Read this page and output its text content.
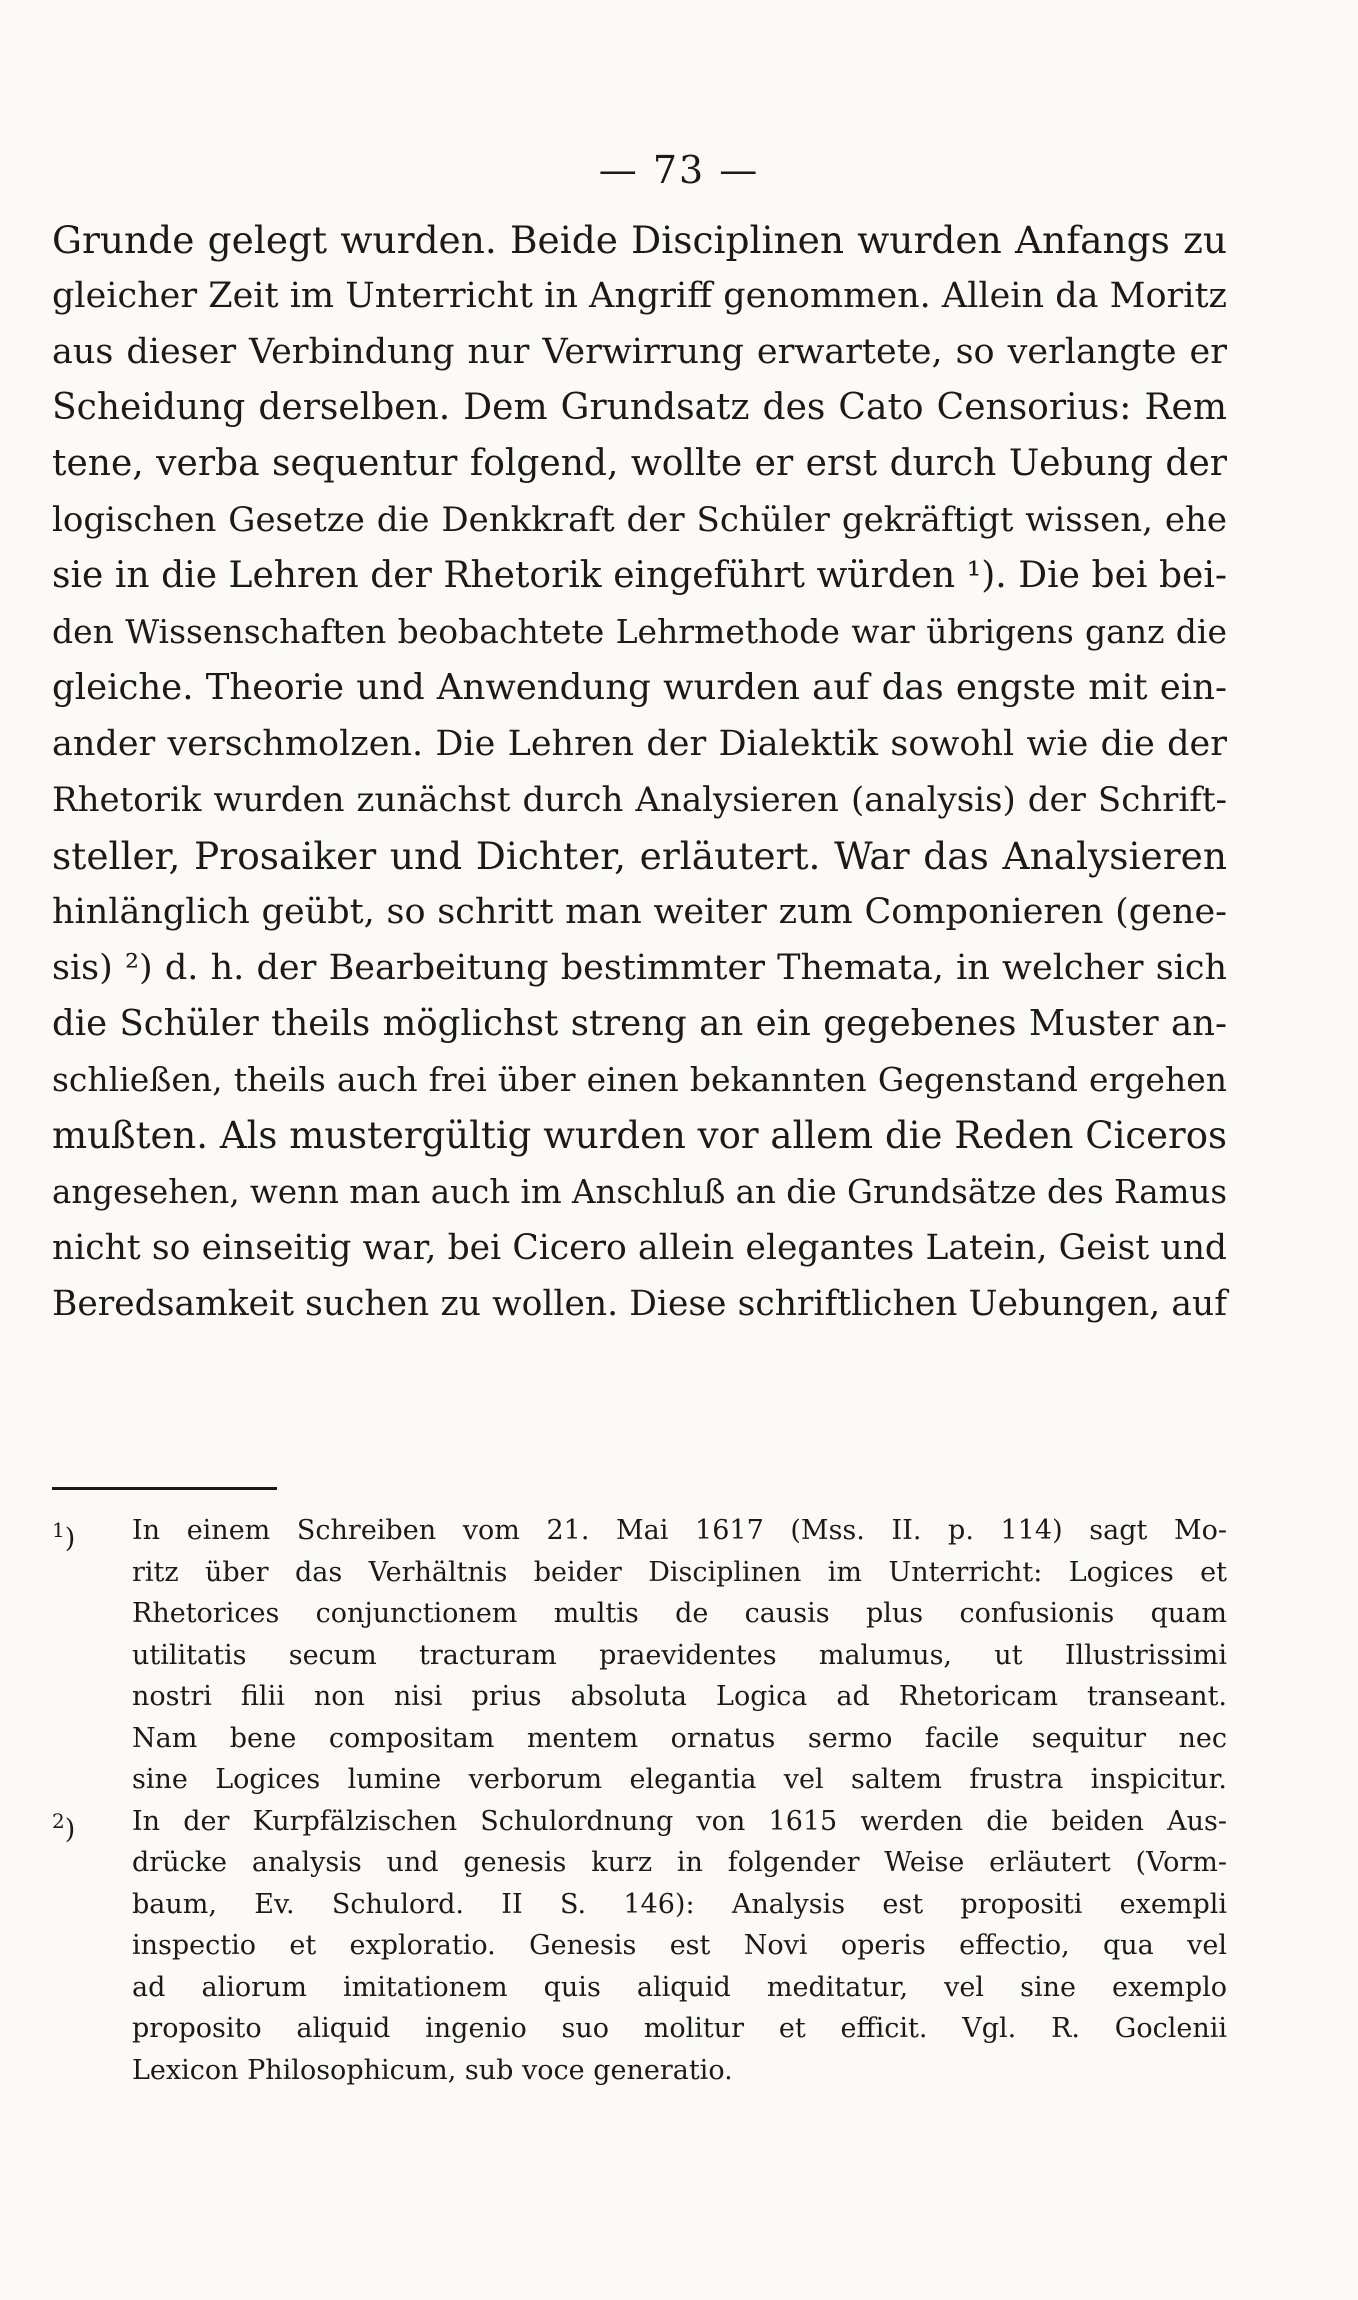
— 73 —
Grunde gelegt wurden. Beide Disciplinen wurden Anfangs zu
gleicher Zeit im Unterricht in Angriff genommen. Allein da Moritz
aus dieser Verbindung nur Verwirrung erwartete, so verlangte er
Scheidung derselben. Dem Grundsatz des Cato Censorius: Rem
tene, verba sequentur folgend, wollte er erst durch Uebung der
logischen Gesetze die Denkkraft der Schüler gekräftigt wissen, ehe
sie in die Lehren der Rhetorik eingeführt würden ¹). Die bei bei-
den Wissenschaften beobachtete Lehrmethode war übrigens ganz die
gleiche. Theorie und Anwendung wurden auf das engste mit ein-
ander verschmolzen. Die Lehren der Dialektik sowohl wie die der
Rhetorik wurden zunächst durch Analysieren (analysis) der Schrift-
steller, Prosaiker und Dichter, erläutert. War das Analysieren
hinlänglich geübt, so schritt man weiter zum Componieren (gene-
sis) ²) d. h. der Bearbeitung bestimmter Themata, in welcher sich
die Schüler theils möglichst streng an ein gegebenes Muster an-
schließen, theils auch frei über einen bekannten Gegenstand ergehen
mußten. Als mustergültig wurden vor allem die Reden Ciceros
angesehen, wenn man auch im Anschluß an die Grundsätze des Ramus
nicht so einseitig war, bei Cicero allein elegantes Latein, Geist und
Beredsamkeit suchen zu wollen. Diese schriftlichen Uebungen, auf
$^1$)	In einem Schreiben vom 21. Mai 1617 (Mss. II. p. 114) sagt Mo-
ritz über das Verhältnis beider Disciplinen im Unterricht: Logices et
Rhetorices conjunctionem multis de causis plus confusionis quam
utilitatis secum tracturam praevidentes malumus, ut Illustrissimi
nostri filii non nisi prius absoluta Logica ad Rhetoricam transeant.
Nam bene compositam mentem ornatus sermo facile sequitur nec
sine Logices lumine verborum elegantia vel saltem frustra inspicitur.
$^2$)	In der Kurpfälzischen Schulordnung von 1615 werden die beiden Aus-
drücke analysis und genesis kurz in folgender Weise erläutert (Vorm-
baum, Ev. Schulord. II S. 146): Analysis est propositi exempli
inspectio et exploratio. Genesis est Novi operis effectio, qua vel
ad aliorum imitationem quis aliquid meditatur, vel sine exemplo
proposito aliquid ingenio suo molitur et efficit. Vgl. R. Goclenii
Lexicon Philosophicum, sub voce generatio.
